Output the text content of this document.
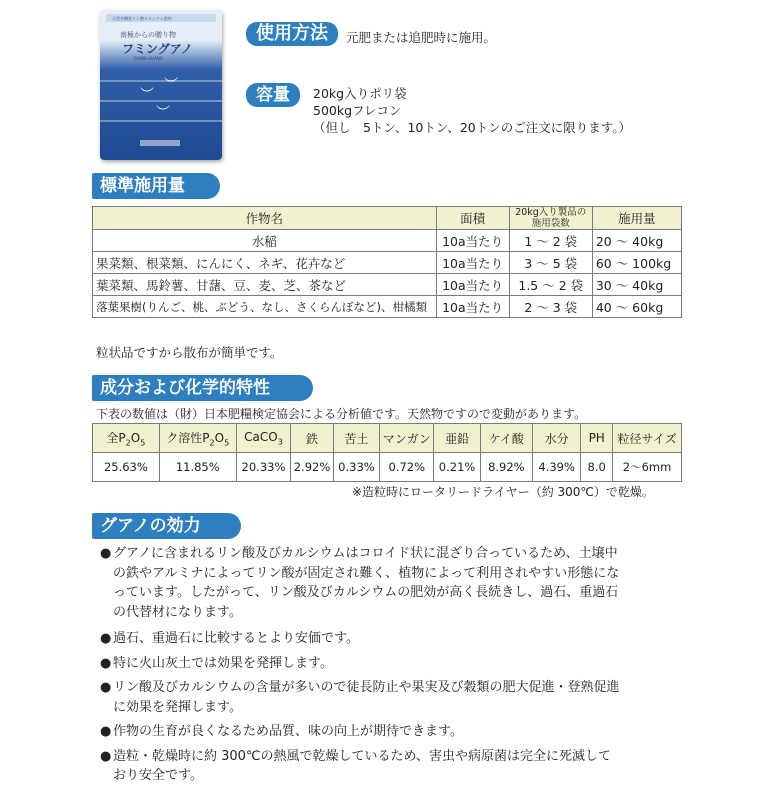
天然有機質リン酸カルシウム肥料
南極からの贈り物
フミングアノ
FUMIN GUANO
︶
︶
︶
使用方法	元肥または追肥時に施用。
容量	20kg入りポリ袋
500kgフレコン
（但し　5トン、10トン、20トンのご注文に限ります。）
標準施用量
作物名	面積	20kg入り製品の
施用袋数	施用量
水稲	10a当たり	1 ～ 2 袋	20 ～ 40kg
果菜類、根菜類、にんにく、ネギ、花卉など	10a当たり	3 ～ 5 袋	60 ～ 100kg
葉菜類、馬鈴薯、甘藷、豆、麦、芝、茶など	10a当たり	1.5 ～ 2 袋	30 ～ 40kg
落葉果樹(りんご、桃、ぶどう、なし、さくらんぼなど)、柑橘類	10a当たり	2 ～ 3 袋	40 ～ 60kg
粒状品ですから散布が簡単です。
成分および化学的特性
下表の数値は（財）日本肥糧検定協会による分析値です。天然物ですので変動があります。
全$P_2O_5$	ク溶性$P_2O_5$	CaCO$_3$	鉄	苦土	マンガン	亜鉛	ケイ酸	水分	PH	粒径サイズ
25.63%	11.85%	20.33%	2.92%	0.33%	0.72%	0.21%	8.92%	4.39%	8.0	2～6mm
※造粒時にロータリードライヤー（約 300℃）で乾燥。
グアノの効力
● グアノに含まれるリン酸及びカルシウムはコロイド状に混ざり合っているため、土壌中
の鉄やアルミナによってリン酸が固定され難く、植物によって利用されやすい形態にな
っています。したがって、リン酸及びカルシウムの肥効が高く長続きし、過石、重過石
の代替材になります。
● 過石、重過石に比較するとより安価です。
● 特に火山灰土では効果を発揮します。
● リン酸及びカルシウムの含量が多いので徒長防止や果実及び穀類の肥大促進・登熟促進
に効果を発揮します。
● 作物の生育が良くなるため品質、味の向上が期待できます。
● 造粒・乾燥時に約 300℃の熱風で乾燥しているため、害虫や病原菌は完全に死滅して
おり安全です。
